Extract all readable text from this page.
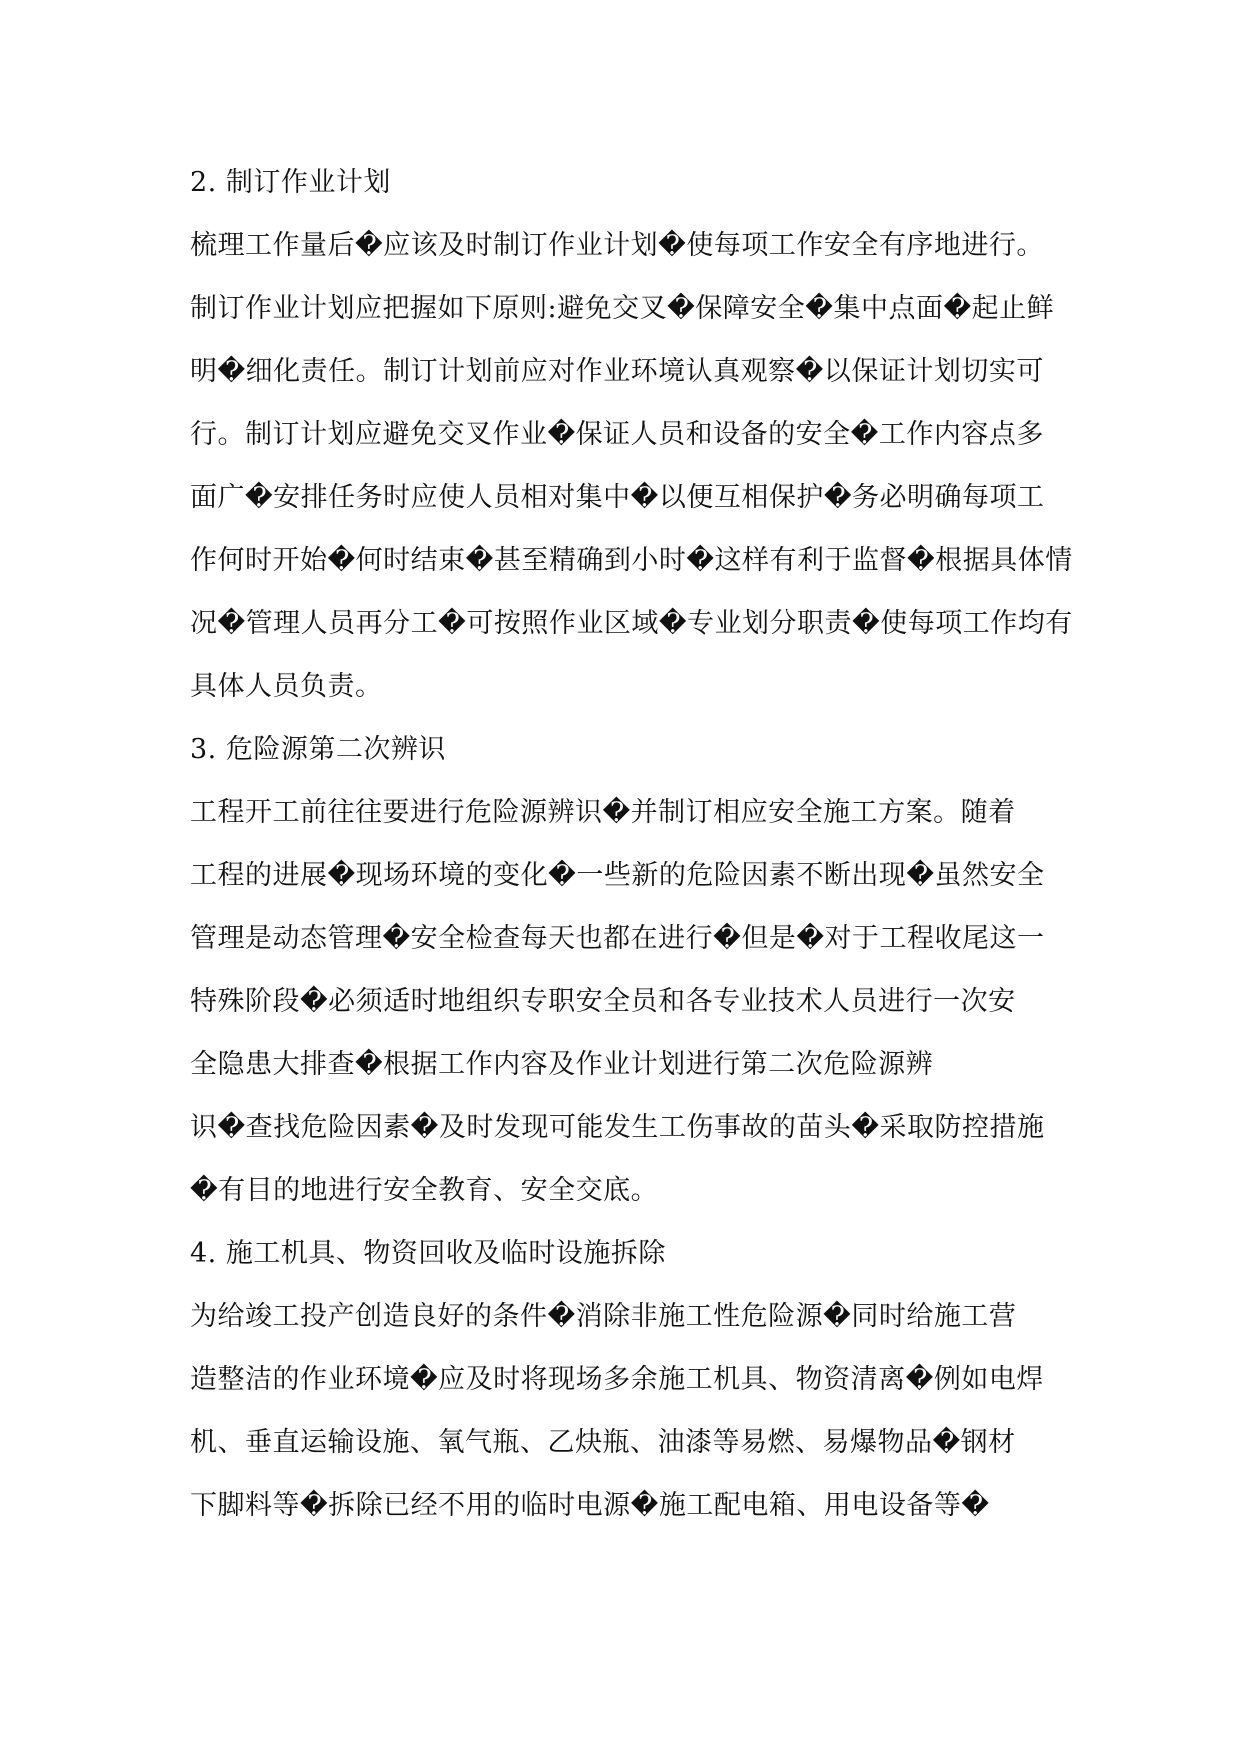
2. 制订作业计划
梳理工作量后�应该及时制订作业计划�使每项工作安全有序地进行。
制订作业计划应把握如下原则:避免交叉�保障安全�集中点面�起止鲜
明�细化责任。制订计划前应对作业环境认真观察�以保证计划切实可
行。制订计划应避免交叉作业�保证人员和设备的安全�工作内容点多
面广�安排任务时应使人员相对集中�以便互相保护�务必明确每项工
作何时开始�何时结束�甚至精确到小时�这样有利于监督�根据具体情
况�管理人员再分工�可按照作业区域�专业划分职责�使每项工作均有
具体人员负责。
3. 危险源第二次辨识
工程开工前往往要进行危险源辨识�并制订相应安全施工方案。随着
工程的进展�现场环境的变化�一些新的危险因素不断出现�虽然安全
管理是动态管理�安全检查每天也都在进行�但是�对于工程收尾这一
特殊阶段�必须适时地组织专职安全员和各专业技术人员进行一次安
全隐患大排查�根据工作内容及作业计划进行第二次危险源辨
识�查找危险因素�及时发现可能发生工伤事故的苗头�采取防控措施
�有目的地进行安全教育、安全交底。
4. 施工机具、物资回收及临时设施拆除
为给竣工投产创造良好的条件�消除非施工性危险源�同时给施工营
造整洁的作业环境�应及时将现场多余施工机具、物资清离�例如电焊
机、垂直运输设施、氧气瓶、乙炔瓶、油漆等易燃、易爆物品�钢材
下脚料等�拆除已经不用的临时电源�施工配电箱、用电设备等�
